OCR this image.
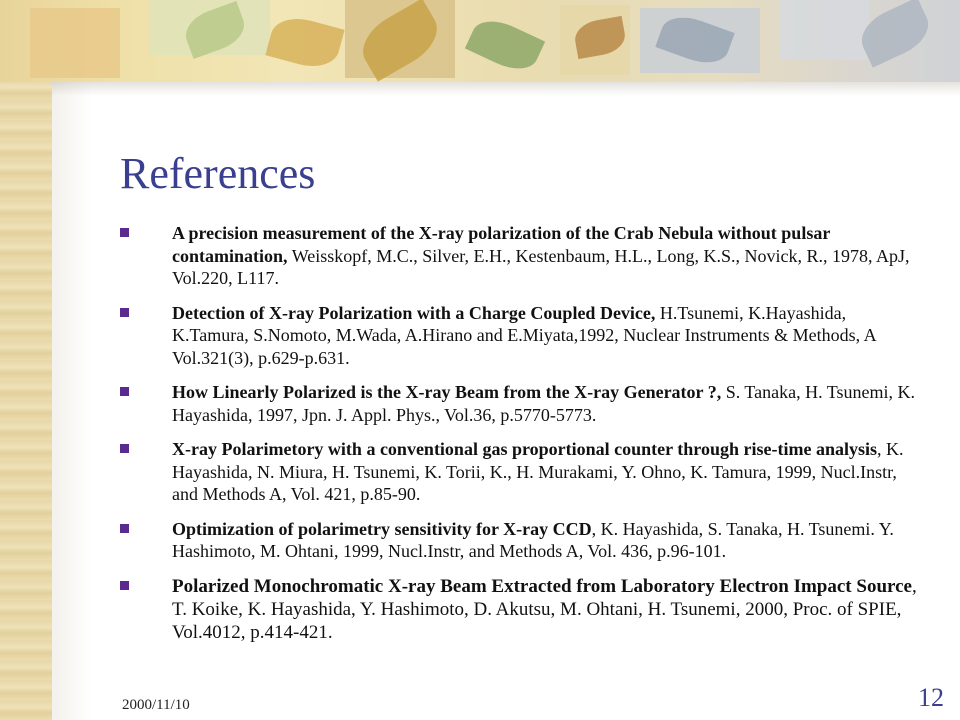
References
A precision measurement of the X-ray polarization of the Crab Nebula without pulsar contamination, Weisskopf, M.C., Silver, E.H., Kestenbaum, H.L., Long, K.S., Novick, R., 1978, ApJ, Vol.220, L117.
Detection of X-ray Polarization with a Charge Coupled Device, H.Tsunemi, K.Hayashida, K.Tamura, S.Nomoto, M.Wada, A.Hirano and E.Miyata,1992, Nuclear Instruments & Methods, A Vol.321(3), p.629-p.631.
How Linearly Polarized is the X-ray Beam from the X-ray Generator ?, S. Tanaka, H. Tsunemi, K. Hayashida, 1997, Jpn. J. Appl. Phys., Vol.36, p.5770-5773.
X-ray Polarimetory with a conventional gas proportional counter through rise-time analysis, K. Hayashida, N. Miura, H. Tsunemi, K. Torii, K., H. Murakami, Y. Ohno, K. Tamura, 1999, Nucl.Instr, and Methods A, Vol. 421, p.85-90.
Optimization of polarimetry sensitivity for X-ray CCD, K. Hayashida, S. Tanaka, H. Tsunemi. Y. Hashimoto, M. Ohtani, 1999, Nucl.Instr, and Methods A, Vol. 436, p.96-101.
Polarized Monochromatic X-ray Beam Extracted from Laboratory Electron Impact Source, T. Koike, K. Hayashida, Y. Hashimoto, D. Akutsu, M. Ohtani, H. Tsunemi, 2000, Proc. of SPIE, Vol.4012, p.414-421.
2000/11/10	12
